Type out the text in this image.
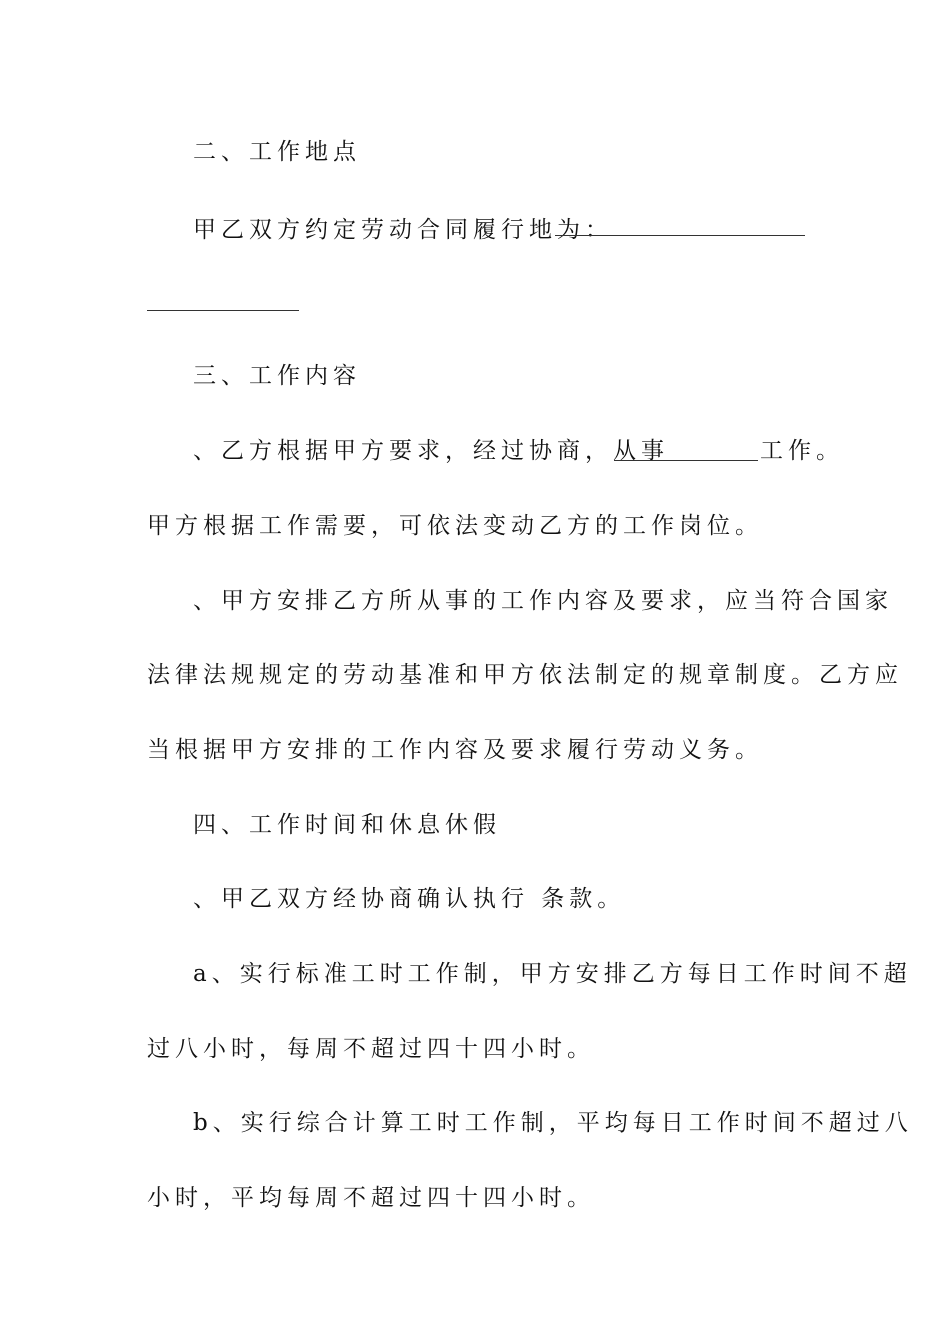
二、工作地点
甲乙双方约定劳动合同履行地为：
三、工作内容
、乙方根据甲方要求，经过协商，从事	工作。
甲方根据工作需要，可依法变动乙方的工作岗位。
、甲方安排乙方所从事的工作内容及要求，应当符合国家
法律法规规定的劳动基准和甲方依法制定的规章制度。乙方应
当根据甲方安排的工作内容及要求履行劳动义务。
四、工作时间和休息休假
、甲乙双方经协商确认执行 条款。
a、实行标准工时工作制，甲方安排乙方每日工作时间不超
过八小时，每周不超过四十四小时。
b、实行综合计算工时工作制，平均每日工作时间不超过八
小时，平均每周不超过四十四小时。
